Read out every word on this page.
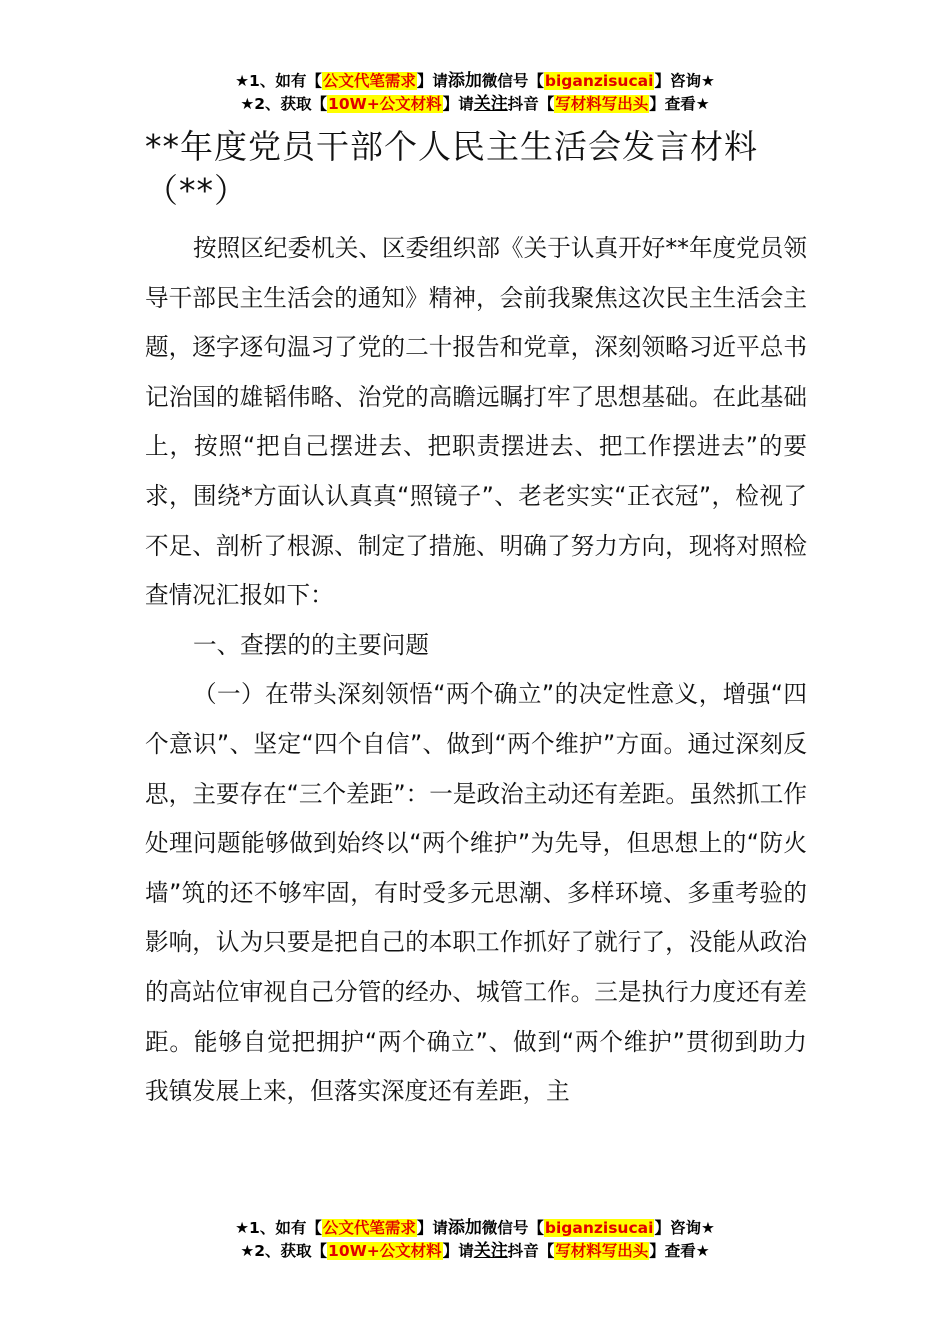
★1、如有【公文代笔需求】请添加微信号【biganzisucai】咨询★
★2、获取【10W+公文材料】请关注抖音【写材料写出头】查看★
**年度党员干部个人民主生活会发言材料
（**）

按照区纪委机关、区委组织部《关于认真开好**年度党员领导干部民主生活会的通知》精神，会前我聚焦这次民主生活会主题，逐字逐句温习了党的二十报告和党章，深刻领略习近平总书记治国的雄韬伟略、治党的高瞻远瞩打牢了思想基础。在此基础上，按照“把自己摆进去、把职责摆进去、把工作摆进去”的要求，围绕*方面认认真真“照镜子”、老老实实“正衣冠”，检视了不足、剖析了根源、制定了措施、明确了努力方向，现将对照检查情况汇报如下：

一、查摆的的主要问题

（一）在带头深刻领悟“两个确立”的决定性意义，增强“四个意识”、坚定“四个自信”、做到“两个维护”方面。通过深刻反思，主要存在“三个差距”：一是政治主动还有差距。虽然抓工作处理问题能够做到始终以“两个维护”为先导，但思想上的“防火墙”筑的还不够牢固，有时受多元思潮、多样环境、多重考验的影响，认为只要是把自己的本职工作抓好了就行了，没能从政治的高站位审视自己分管的经办、城管工作。三是执行力度还有差距。能够自觉把拥护“两个确立”、做到“两个维护”贯彻到助力我镇发展上来，但落实深度还有差距，主

★1、如有【公文代笔需求】请添加微信号【biganzisucai】咨询★
★2、获取【10W+公文材料】请关注抖音【写材料写出头】查看★
